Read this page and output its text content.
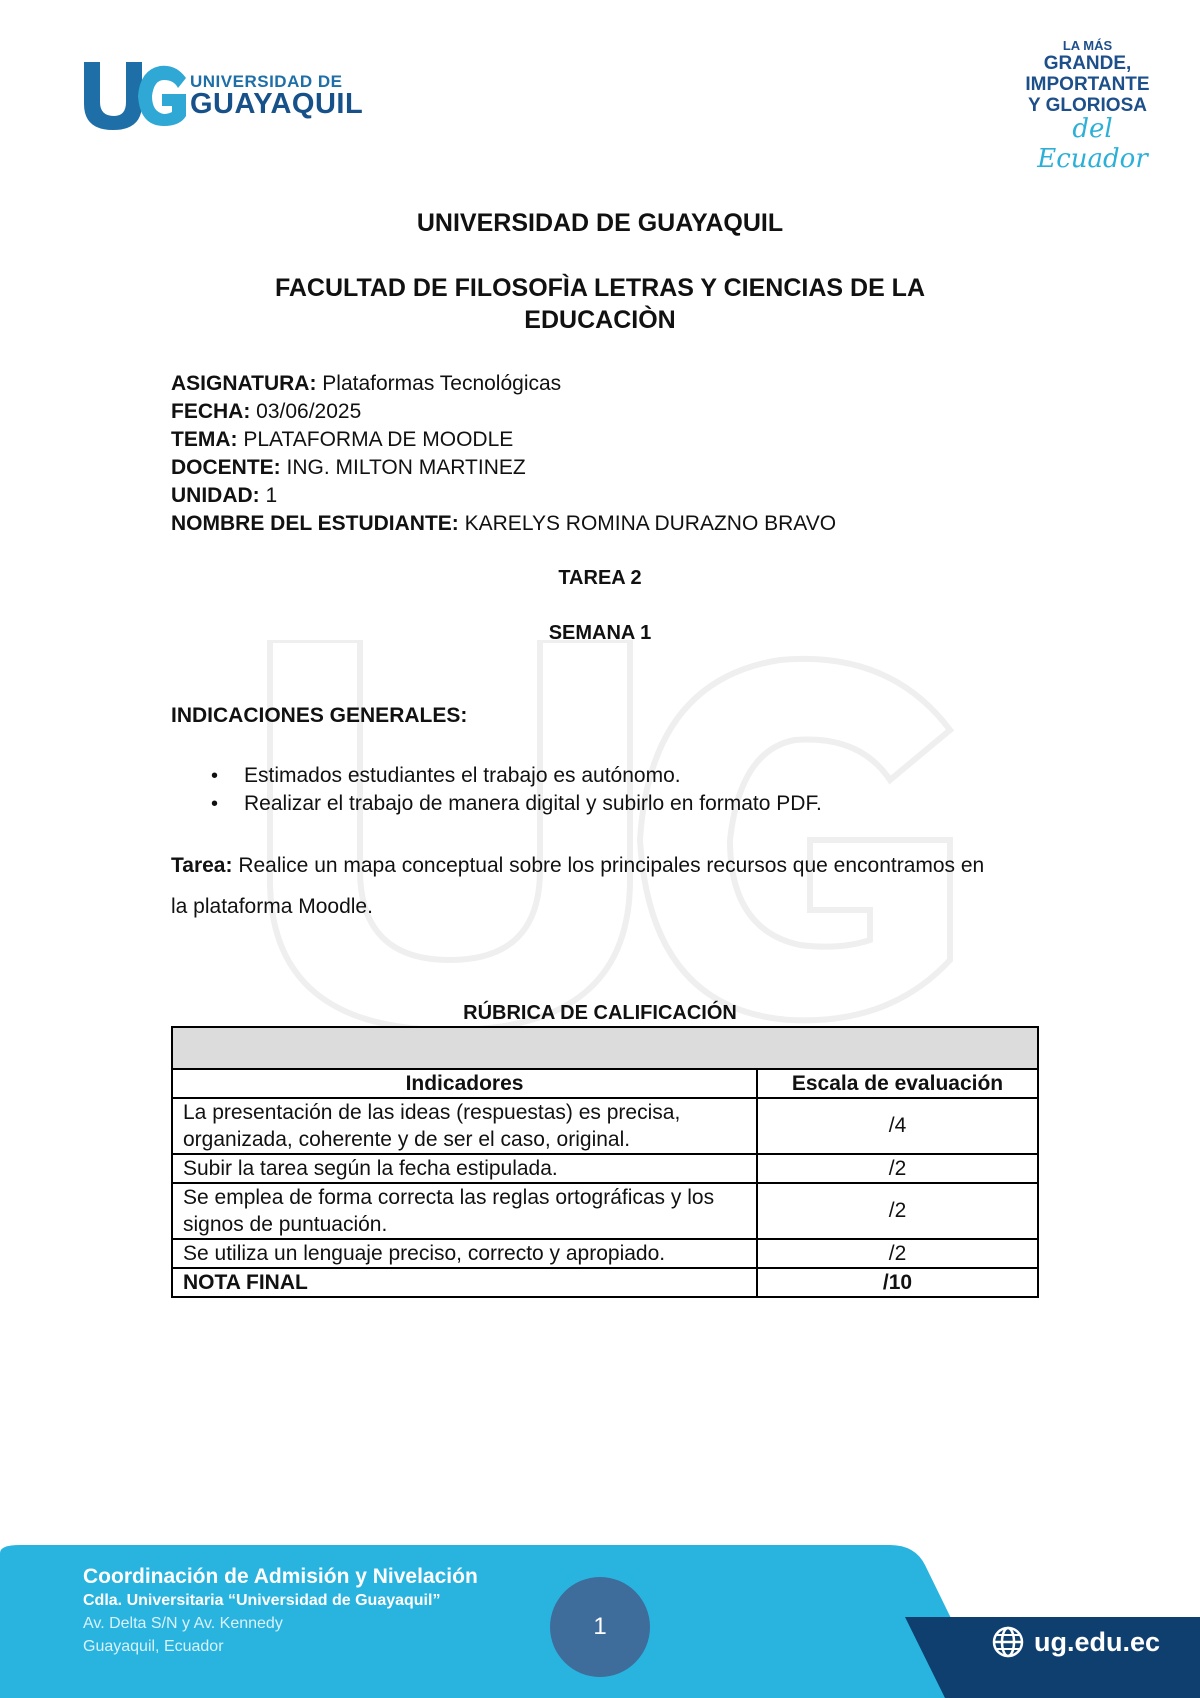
UNIVERSIDAD DE
GUAYAQUIL
LA MÁS
GRANDE,
IMPORTANTE
Y GLORIOSA
del Ecuador
UNIVERSIDAD DE GUAYAQUIL
FACULTAD DE FILOSOFÌA LETRAS Y CIENCIAS DE LA
EDUCACIÒN
ASIGNATURA: Plataformas Tecnológicas
FECHA: 03/06/2025
TEMA: PLATAFORMA DE MOODLE
DOCENTE: ING. MILTON MARTINEZ
UNIDAD: 1
NOMBRE DEL ESTUDIANTE: KARELYS ROMINA DURAZNO BRAVO
TAREA 2
SEMANA 1
INDICACIONES GENERALES:
• Estimados estudiantes el trabajo es autónomo.
• Realizar el trabajo de manera digital y subirlo en formato PDF.
Tarea: Realice un mapa conceptual sobre los principales recursos que encontramos en la plataforma Moodle.
RÚBRICA DE CALIFICACIÓN

Indicadores	Escala de evaluación
La presentación de las ideas (respuestas) es precisa, organizada, coherente y de ser el caso, original.	/4
Subir la tarea según la fecha estipulada.	/2
Se emplea de forma correcta las reglas ortográficas y los signos de puntuación.	/2
Se utiliza un lenguaje preciso, correcto y apropiado.	/2
NOTA FINAL	/10
Coordinación de Admisión y Nivelación
Cdla. Universitaria “Universidad de Guayaquil”
Av. Delta S/N y Av. Kennedy
Guayaquil, Ecuador
1	ug.edu.ec
